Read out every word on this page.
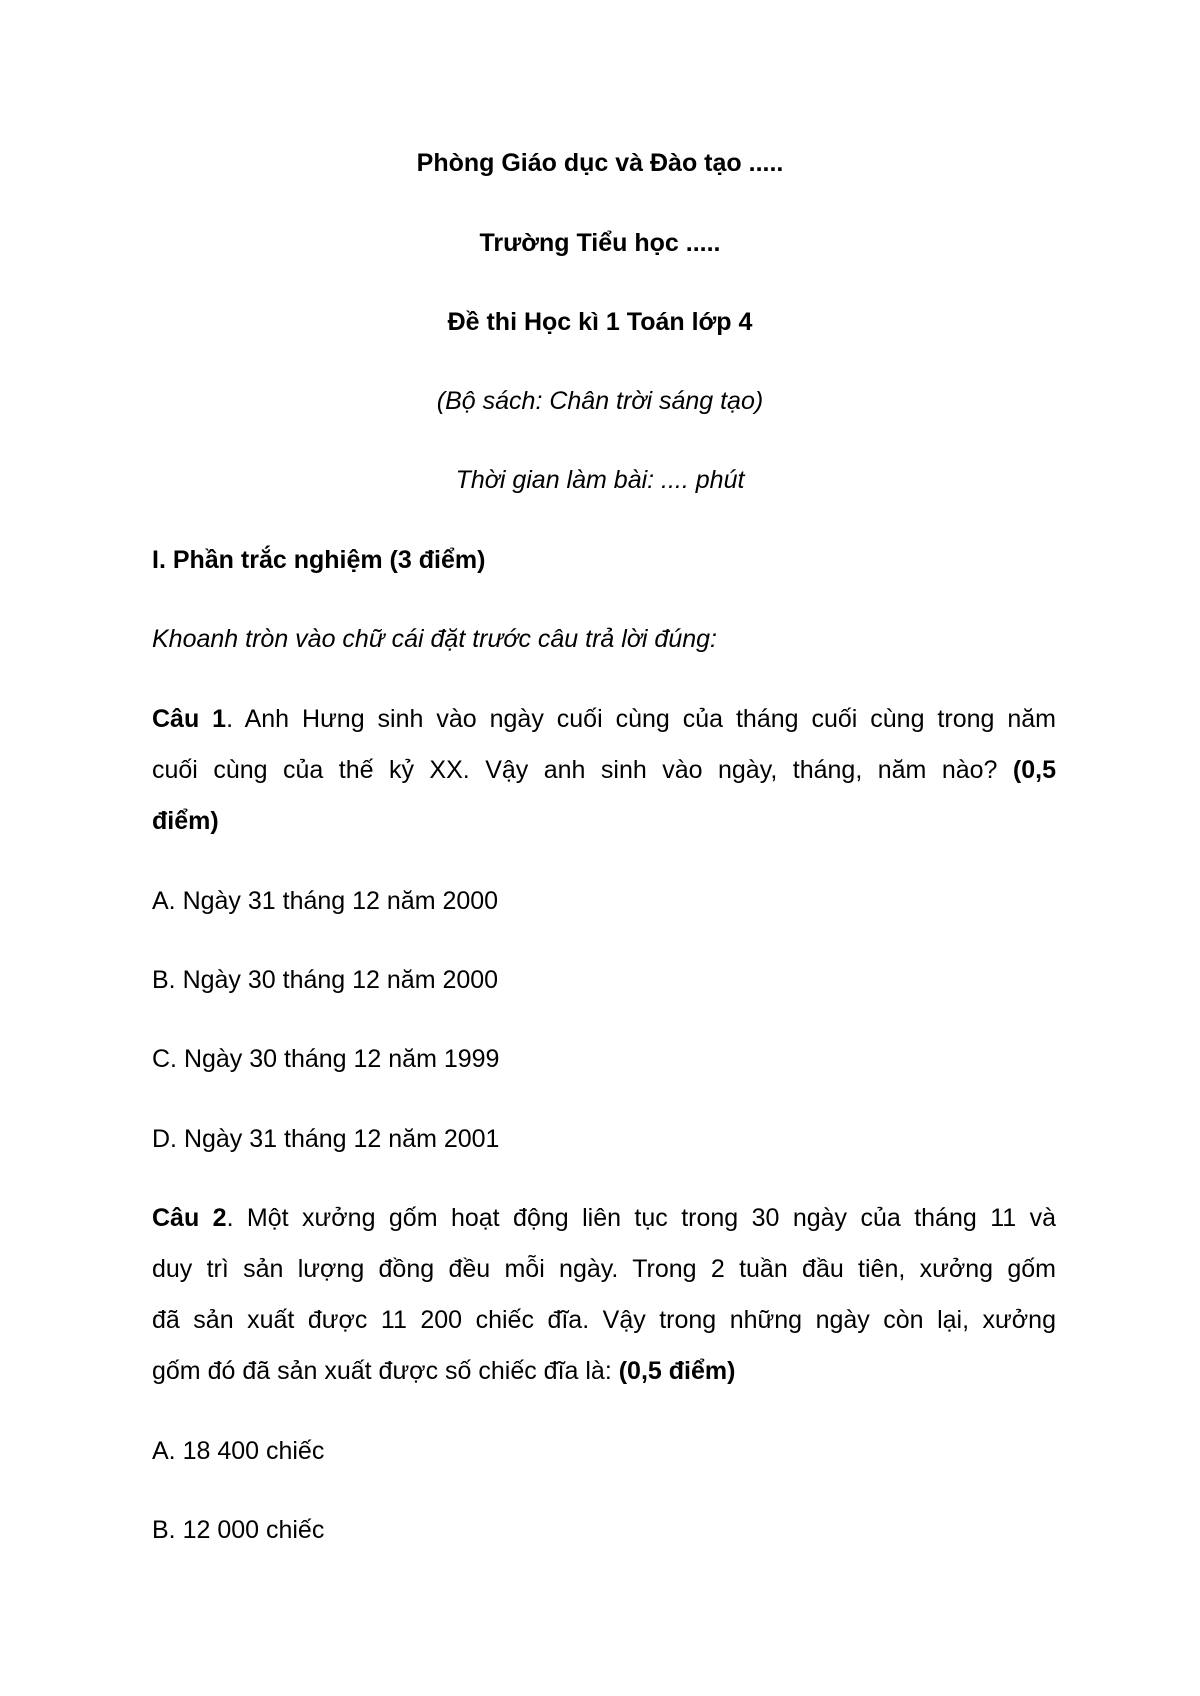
Phòng Giáo dục và Đào tạo .....
Trường Tiểu học .....
Đề thi Học kì 1 Toán lớp 4
(Bộ sách: Chân trời sáng tạo)
Thời gian làm bài: .... phút
I. Phần trắc nghiệm (3 điểm)
Khoanh tròn vào chữ cái đặt trước câu trả lời đúng:
Câu 1. Anh Hưng sinh vào ngày cuối cùng của tháng cuối cùng trong năm
cuối cùng của thế kỷ XX. Vậy anh sinh vào ngày, tháng, năm nào? (0,5
điểm)
A. Ngày 31 tháng 12 năm 2000
B. Ngày 30 tháng 12 năm 2000
C. Ngày 30 tháng 12 năm 1999
D. Ngày 31 tháng 12 năm 2001
Câu 2. Một xưởng gốm hoạt động liên tục trong 30 ngày của tháng 11 và
duy trì sản lượng đồng đều mỗi ngày. Trong 2 tuần đầu tiên, xưởng gốm
đã sản xuất được 11 200 chiếc đĩa. Vậy trong những ngày còn lại, xưởng
gốm đó đã sản xuất được số chiếc đĩa là: (0,5 điểm)
A. 18 400 chiếc
B. 12 000 chiếc
